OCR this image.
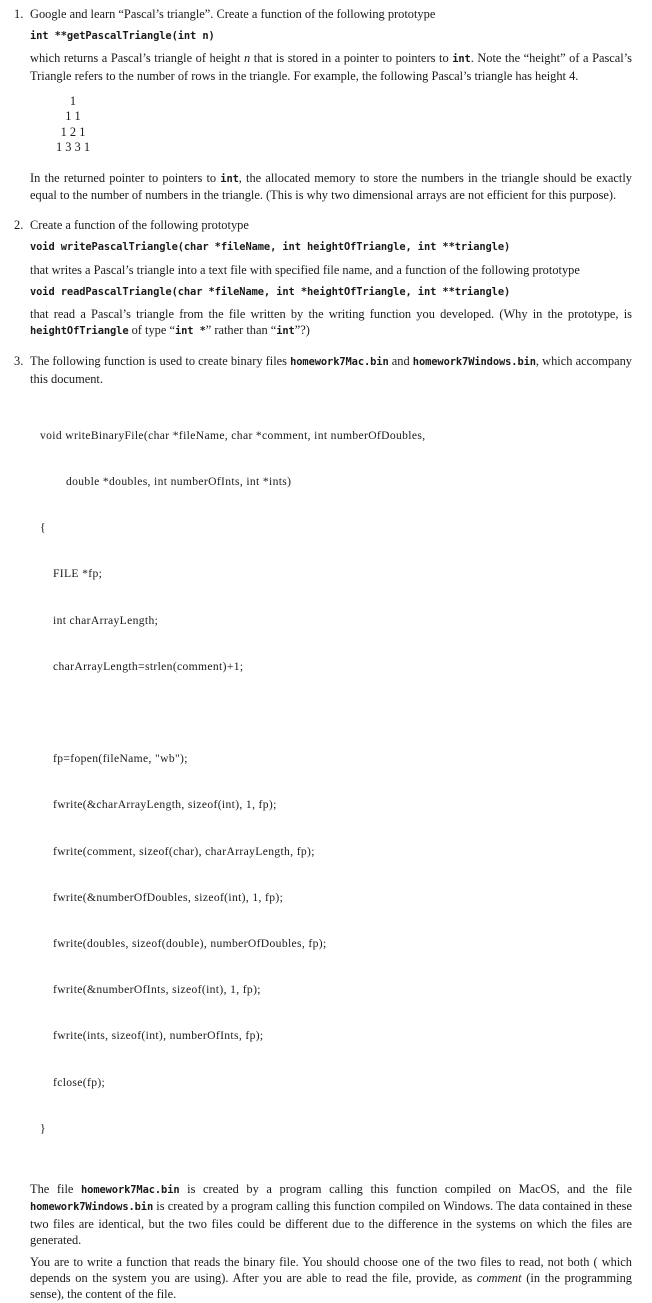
1. Google and learn “Pascal’s triangle”. Create a function of the following prototype

int **getPascalTriangle(int n)

which returns a Pascal’s triangle of height n that is stored in a pointer to pointers to int. Note the “height” of a Pascal’s Triangle refers to the number of rows in the triangle. For example, the following Pascal’s triangle has height 4.

1
1 1
1 2 1
1 3 3 1

In the returned pointer to pointers to int, the allocated memory to store the numbers in the triangle should be exactly equal to the number of numbers in the triangle. (This is why two dimensional arrays are not efficient for this purpose).

2. Create a function of the following prototype

void writePascalTriangle(char *fileName, int heightOfTriangle, int **triangle)

that writes a Pascal’s triangle into a text file with specified file name, and a function of the following prototype

void readPascalTriangle(char *fileName, int *heightOfTriangle, int **triangle)

that read a Pascal’s triangle from the file written by the writing function you developed. (Why in the prototype, is heightOfTriangle of type “int *” rather than “int”?)

3. The following function is used to create binary files homework7Mac.bin and homework7Windows.bin, which accompany this document.

void writeBinaryFile(char *fileName, char *comment, int numberOfDoubles,

double *doubles, int numberOfInts, int *ints)

{

FILE *fp;

int charArrayLength;

charArrayLength=strlen(comment)+1;

fp=fopen(fileName, "wb");

fwrite(&charArrayLength, sizeof(int), 1, fp);

fwrite(comment, sizeof(char), charArrayLength, fp);

fwrite(&numberOfDoubles, sizeof(int), 1, fp);

fwrite(doubles, sizeof(double), numberOfDoubles, fp);

fwrite(&numberOfInts, sizeof(int), 1, fp);

fwrite(ints, sizeof(int), numberOfInts, fp);

fclose(fp);

}

The file homework7Mac.bin is created by a program calling this function compiled on MacOS, and the file homework7Windows.bin is created by a program calling this function compiled on Windows. The data contained in these two files are identical, but the two files could be different due to the difference in the systems on which the files are generated.

You are to write a function that reads the binary file. You should choose one of the two files to read, not both ( which depends on the system you are using). After you are able to read the file, provide, as comment (in the programming sense), the content of the file.
